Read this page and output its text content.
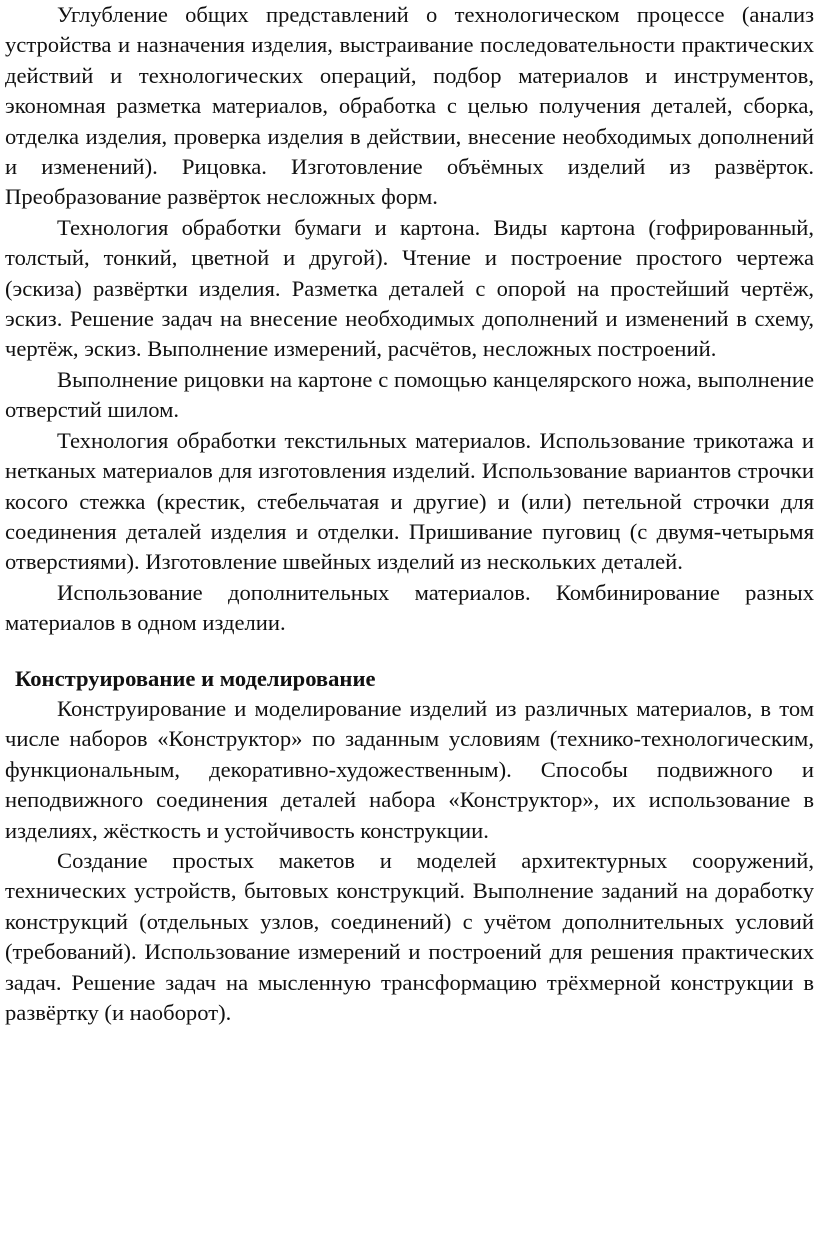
Углубление общих представлений о технологическом процессе (анализ устройства и назначения изделия, выстраивание последовательности практических действий и технологических операций, подбор материалов и инструментов, экономная разметка материалов, обработка с целью получения деталей, сборка, отделка изделия, проверка изделия в действии, внесение необходимых дополнений и изменений). Рицовка. Изготовление объёмных изделий из развёрток. Преобразование развёрток несложных форм.

Технология обработки бумаги и картона. Виды картона (гофрированный, толстый, тонкий, цветной и другой). Чтение и построение простого чертежа (эскиза) развёртки изделия. Разметка деталей с опорой на простейший чертёж, эскиз. Решение задач на внесение необходимых дополнений и изменений в схему, чертёж, эскиз. Выполнение измерений, расчётов, несложных построений.

Выполнение рицовки на картоне с помощью канцелярского ножа, выполнение отверстий шилом.

Технология обработки текстильных материалов. Использование трикотажа и нетканых материалов для изготовления изделий. Использование вариантов строчки косого стежка (крестик, стебельчатая и другие) и (или) петельной строчки для соединения деталей изделия и отделки. Пришивание пуговиц (с двумя-четырьмя отверстиями). Изготовление швейных изделий из нескольких деталей.

Использование дополнительных материалов. Комбинирование разных материалов в одном изделии.

Конструирование и моделирование

Конструирование и моделирование изделий из различных материалов, в том числе наборов «Конструктор» по заданным условиям (технико-технологическим, функциональным, декоративно-художественным). Способы подвижного и неподвижного соединения деталей набора «Конструктор», их использование в изделиях, жёсткость и устойчивость конструкции.

Создание простых макетов и моделей архитектурных сооружений, технических устройств, бытовых конструкций. Выполнение заданий на доработку конструкций (отдельных узлов, соединений) с учётом дополнительных условий (требований). Использование измерений и построений для решения практических задач. Решение задач на мысленную трансформацию трёхмерной конструкции в развёртку (и наоборот).
